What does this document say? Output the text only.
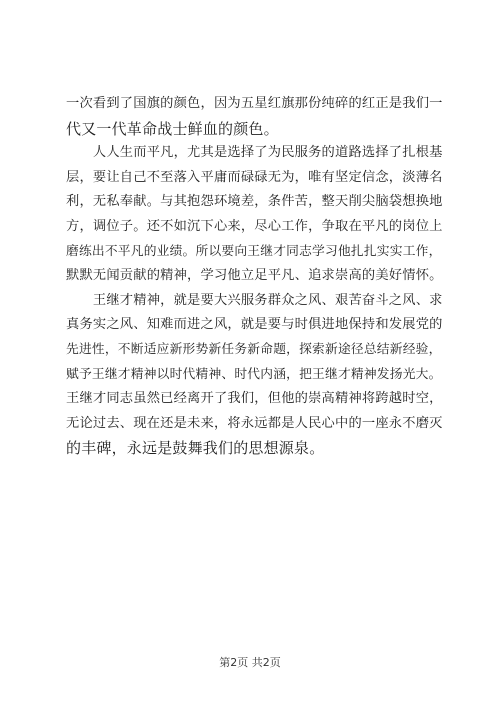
一次看到了国旗的颜色，因为五星红旗那份纯碎的红正是我们一
代又一代革命战士鲜血的颜色。
　　人人生而平凡，尤其是选择了为民服务的道路选择了扎根基
层，要让自己不至落入平庸而碌碌无为，唯有坚定信念，淡薄名
利，无私奉献。与其抱怨环境差，条件苦，整天削尖脑袋想换地
方，调位子。还不如沉下心来，尽心工作，争取在平凡的岗位上
磨练出不平凡的业绩。所以要向王继才同志学习他扎扎实实工作，
默默无闻贡献的精神，学习他立足平凡、追求崇高的美好情怀。
　　王继才精神，就是要大兴服务群众之风、艰苦奋斗之风、求
真务实之风、知难而进之风，就是要与时俱进地保持和发展党的
先进性，不断适应新形势新任务新命题，探索新途径总结新经验，
赋予王继才精神以时代精神、时代内涵，把王继才精神发扬光大。
王继才同志虽然已经离开了我们，但他的崇高精神将跨越时空，
无论过去、现在还是未来，将永远都是人民心中的一座永不磨灭
的丰碑，永远是鼓舞我们的思想源泉。
第2页 共2页
